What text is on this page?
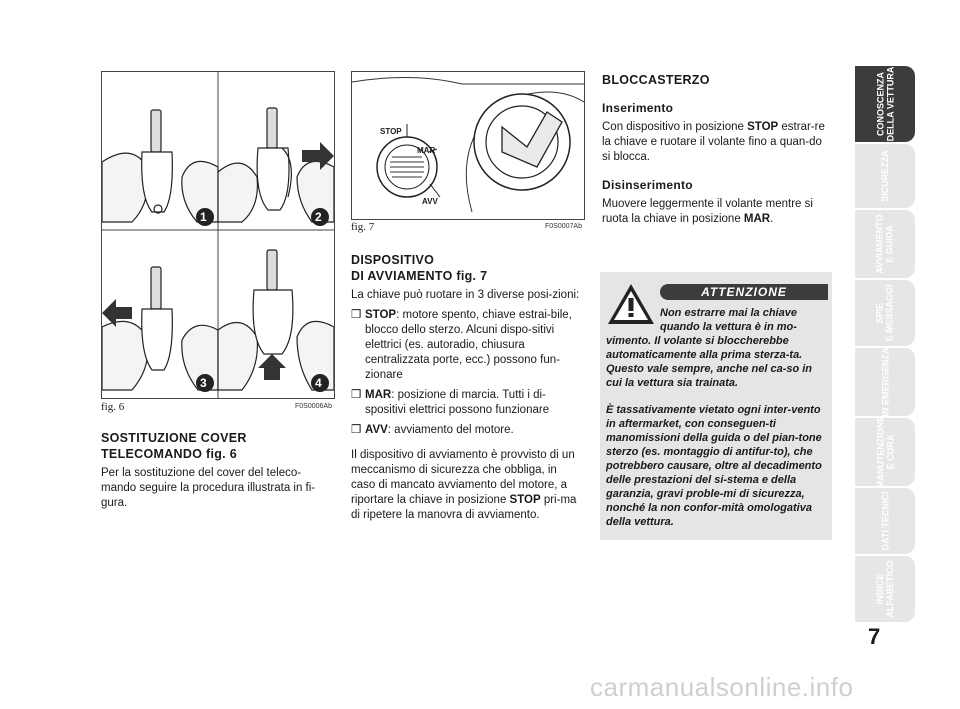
1	2
3	4
fig. 6	F0S0006Ab
SOSTITUZIONE COVER
TELECOMANDO fig. 6
Per la sostituzione del cover del teleco-mando seguire la procedura illustrata in fi-gura.
STOP
MAR
AVV
fig. 7	F0S0007Ab
DISPOSITIVO
DI AVVIAMENTO fig. 7
La chiave può ruotare in 3 diverse posi-zioni:
❒ STOP: motore spento, chiave estrai-bile, blocco dello sterzo. Alcuni dispo-sitivi elettrici (es. autoradio, chiusura centralizzata porte, ecc.) possono fun-zionare
❒ MAR: posizione di marcia. Tutti i di-spositivi elettrici possono funzionare
❒ AVV: avviamento del motore.
Il dispositivo di avviamento è provvisto di un meccanismo di sicurezza che obbliga, in caso di mancato avviamento del motore, a riportare la chiave in posizione STOP pri-ma di ripetere la manovra di avviamento.
BLOCCASTERZO
Inserimento
Con dispositivo in posizione STOP estrar-re la chiave e ruotare il volante fino a quan-do si blocca.
Disinserimento
Muovere leggermente il volante mentre si ruota la chiave in posizione MAR.
ATTENZIONE
Non estrarre mai la chiave quando la vettura è in mo-vimento. Il volante si bloccherebbe automaticamente alla prima sterza-ta. Questo vale sempre, anche nel ca-so in cui la vettura sia trainata.
È tassativamente vietato ogni inter-vento in aftermarket, con conseguen-ti manomissioni della guida o del pian-tone sterzo (es. montaggio di antifur-to), che potrebbero causare, oltre al decadimento delle prestazioni del si-stema e della garanzia, gravi proble-mi di sicurezza, nonché la non confor-mità omologativa della vettura.
CONOSCENZA
DELLA VETTURA
SICUREZZA
AVVIAMENTO
E GUIDA
SPIE
E MESSAGGI
IN EMERGENZA
MANUTENZIONE
E CURA
DATI TECNICI
INDICE
ALFABETICO
7
carmanualsonline.info
